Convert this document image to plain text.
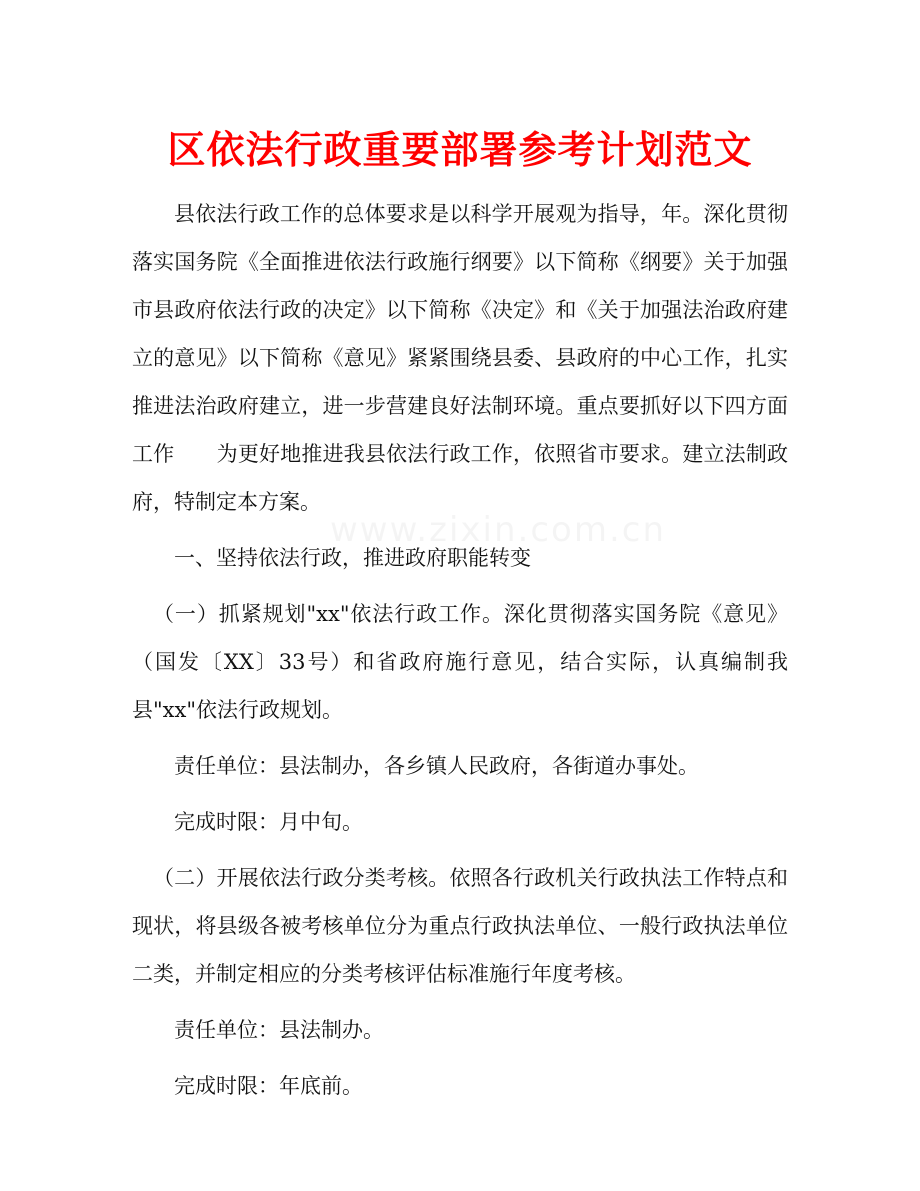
区依法行政重要部署参考计划范文

县依法行政工作的总体要求是以科学开展观为指导，年。深化贯彻落实国务院《全面推进依法行政施行纲要》以下简称《纲要》关于加强市县政府依法行政的决定》以下简称《决定》和《关于加强法治政府建立的意见》以下简称《意见》紧紧围绕县委、县政府的中心工作，扎实推进法治政府建立，进一步营建良好法制环境。重点要抓好以下四方面工作　　为更好地推进我县依法行政工作，依照省市要求。建立法制政府，特制定本方案。

一、坚持依法行政，推进政府职能转变

（一）抓紧规划"xx"依法行政工作。深化贯彻落实国务院《意见》（国发〔XX〕33号）和省政府施行意见，结合实际，认真编制我县"xx"依法行政规划。

责任单位：县法制办，各乡镇人民政府，各街道办事处。

完成时限：月中旬。

（二）开展依法行政分类考核。依照各行政机关行政执法工作特点和现状，将县级各被考核单位分为重点行政执法单位、一般行政执法单位二类，并制定相应的分类考核评估标准施行年度考核。

责任单位：县法制办。

完成时限：年底前。
